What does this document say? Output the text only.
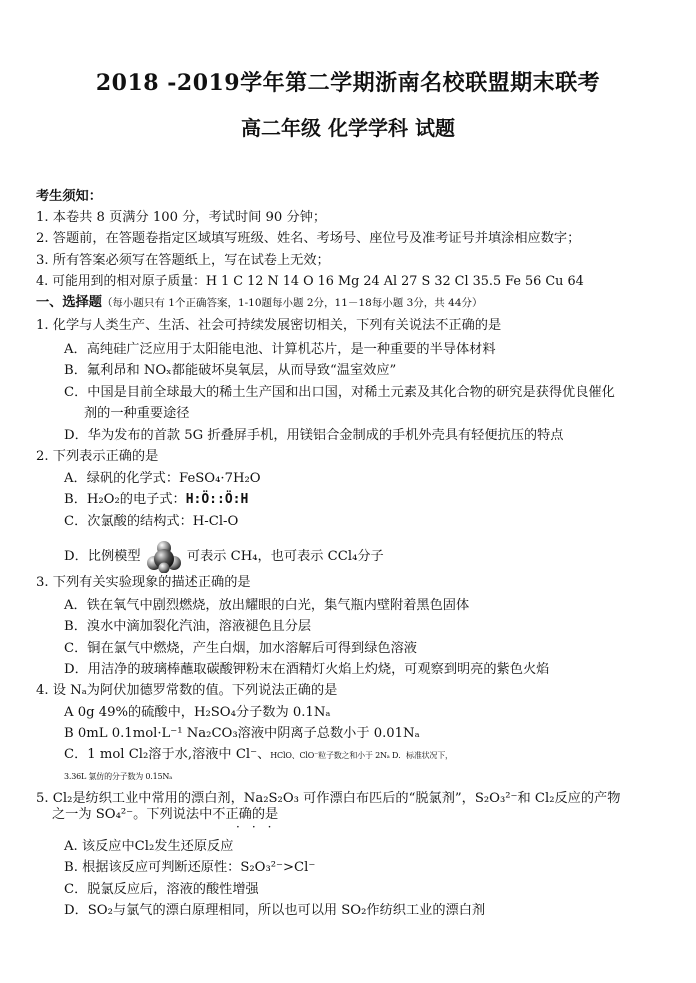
2018 -2019学年第二学期浙南名校联盟期末联考
高二年级 化学学科 试题
考生须知：
1. 本卷共 8 页满分 100 分，考试时间 90 分钟；
2. 答题前，在答题卷指定区域填写班级、姓名、考场号、座位号及准考证号并填涂相应数字；
3. 所有答案必须写在答题纸上，写在试卷上无效；
4. 可能用到的相对原子质量：H 1 C 12 N 14 O 16 Mg 24 Al 27 S 32 Cl 35.5 Fe 56 Cu 64
一、选择题（每小题只有 1个正确答案，1-10题每小题 2分，11－18每小题 3分，共 44分）
1. 化学与人类生产、生活、社会可持续发展密切相关，下列有关说法不正确的是
A．高纯硅广泛应用于太阳能电池、计算机芯片，是一种重要的半导体材料
B．氟利昂和 NOₓ都能破坏臭氧层，从而导致“温室效应”
C．中国是目前全球最大的稀土生产国和出口国，对稀土元素及其化合物的研究是获得优良催化
剂的一种重要途径
D．华为发布的首款 5G 折叠屏手机，用镁铝合金制成的手机外壳具有轻便抗压的特点
2. 下列表示正确的是
A．绿矾的化学式：FeSO₄·7H₂O
B．H₂O₂的电子式：H:Ö::Ö:H
C．次氯酸的结构式：H-Cl-O
D．比例模型	可表示 CH₄，也可表示 CCl₄分子
3. 下列有关实验现象的描述正确的是
A．铁在氧气中剧烈燃烧，放出耀眼的白光，集气瓶内壁附着黑色固体
B．溴水中滴加裂化汽油，溶液褪色且分层
C．铜在氯气中燃烧，产生白烟，加水溶解后可得到绿色溶液
D．用洁净的玻璃棒蘸取碳酸钾粉末在酒精灯火焰上灼烧，可观察到明亮的紫色火焰
4. 设 Nₐ为阿伏加德罗常数的值。下列说法正确的是
A 0g 49%的硫酸中，H₂SO₄分子数为 0.1Nₐ
B 0mL 0.1mol·L⁻¹ Na₂CO₃溶液中阴离子总数小于 0.01Nₐ
C．1 mol Cl₂溶于水,溶液中 Cl⁻、HClO、ClO⁻粒子数之和小于 2Nₐ D．标准状况下，
3.36L 氯仿的分子数为 0.15Nₐ
5. Cl₂是纺织工业中常用的漂白剂，Na₂S₂O₃ 可作漂白布匹后的“脱氯剂”，S₂O₃²⁻和 Cl₂反应的产物
之一为 SO₄²⁻。下列说法中不正确的是
···
A. 该反应中Cl₂发生还原反应
B. 根据该反应可判断还原性：S₂O₃²⁻>Cl⁻
C．脱氯反应后，溶液的酸性增强
D．SO₂与氯气的漂白原理相同，所以也可以用 SO₂作纺织工业的漂白剂
